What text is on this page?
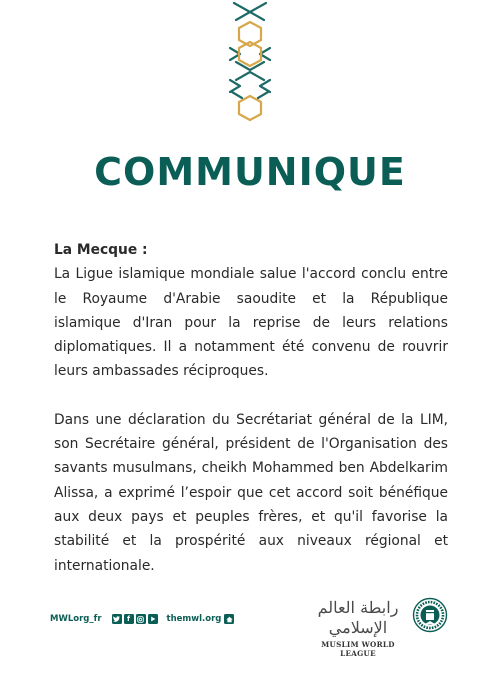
COMMUNIQUE

La Mecque :

La Ligue islamique mondiale salue l'accord conclu entre le Royaume d'Arabie saoudite et la République islamique d'Iran pour la reprise de leurs relations diplomatiques. Il a notamment été convenu de rouvrir leurs ambassades réciproques.

Dans une déclaration du Secrétariat général de la LIM, son Secrétaire général, président de l'Organisation des savants musulmans, cheikh Mohammed ben Abdelkarim Alissa, a exprimé l’espoir que cet accord soit bénéfique aux deux pays et peuples frères, et qu'il favorise la stabilité et la prospérité aux niveaux régional et internationale.

MWLorg_fr	f	themwl.org
رابطة العالم الإسلامي
MUSLIM WORLD LEAGUE
